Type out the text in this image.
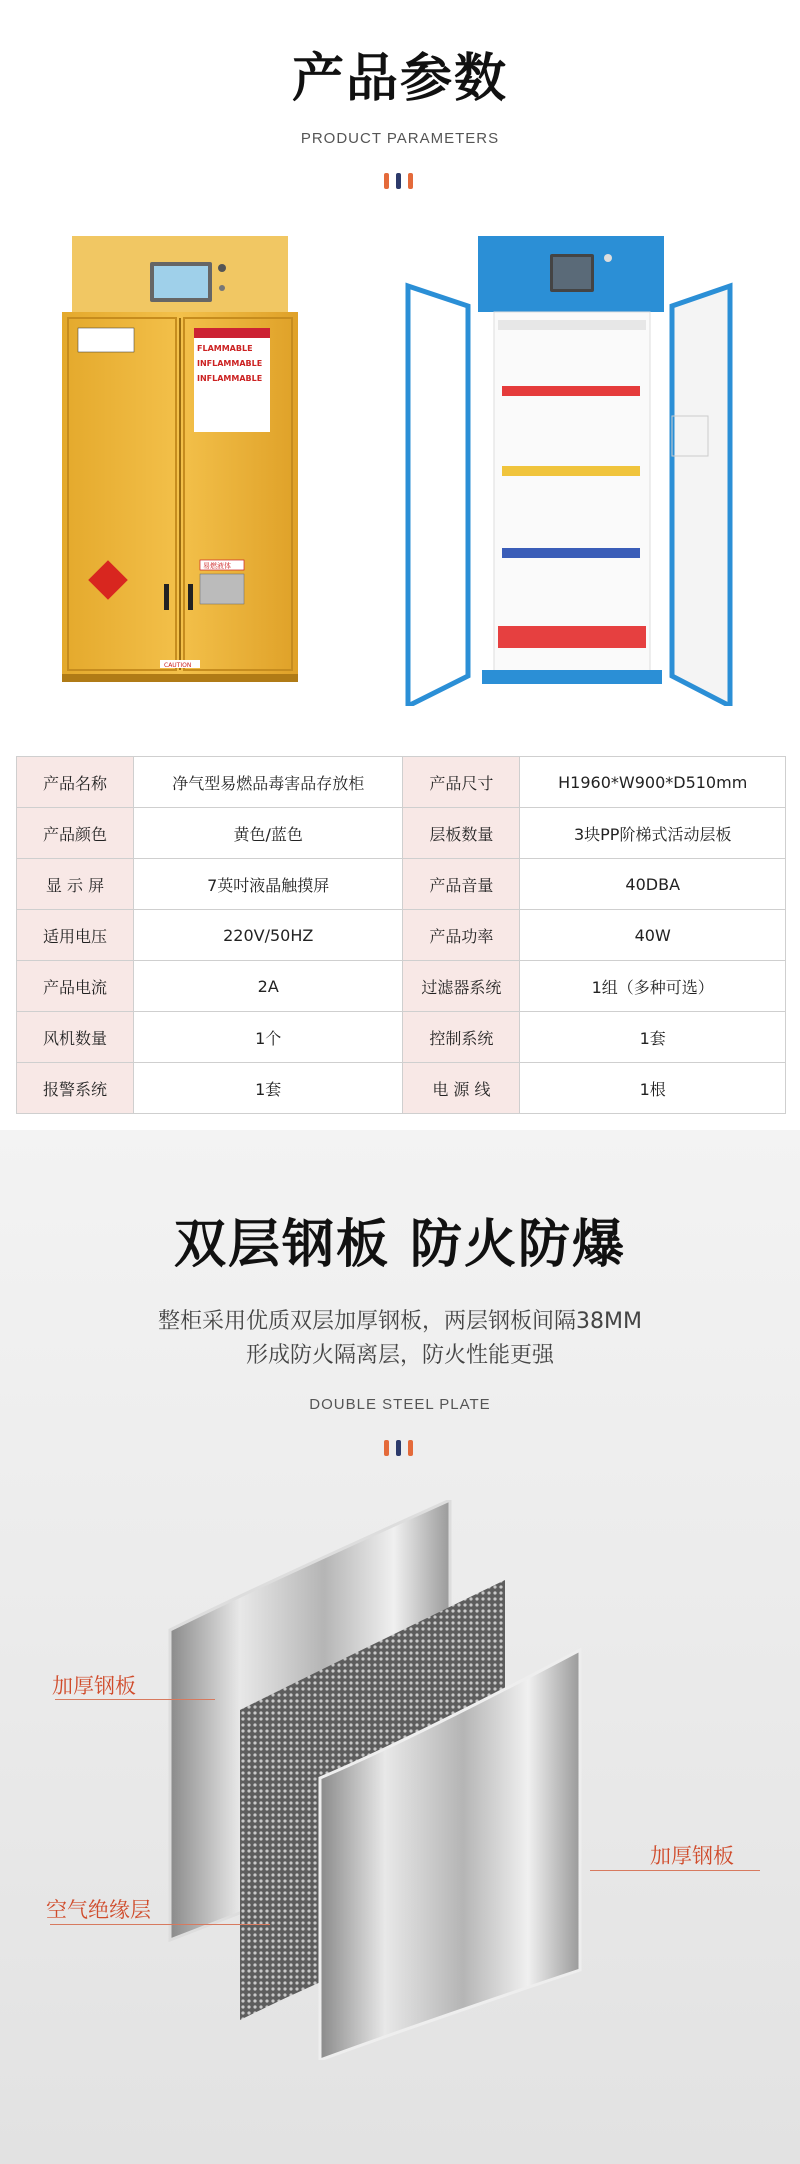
产品参数
PRODUCT PARAMETERS
FLAMMABLE
INFLAMMABLE
INFLAMMABLE
易燃液体
CAUTION
产品名称	净气型易燃品毒害品存放柜	产品尺寸	H1960*W900*D510mm
产品颜色	黄色/蓝色	层板数量	3块PP阶梯式活动层板
显 示 屏	7英吋液晶触摸屏	产品音量	40DBA
适用电压	220V/50HZ	产品功率	40W
产品电流	2A	过滤器系统	1组（多种可选）
风机数量	1个	控制系统	1套
报警系统	1套	电 源 线	1根
双层钢板 防火防爆
整柜采用优质双层加厚钢板，两层钢板间隔38MM
形成防火隔离层，防火性能更强
DOUBLE STEEL PLATE
加厚钢板
空气绝缘层
加厚钢板
